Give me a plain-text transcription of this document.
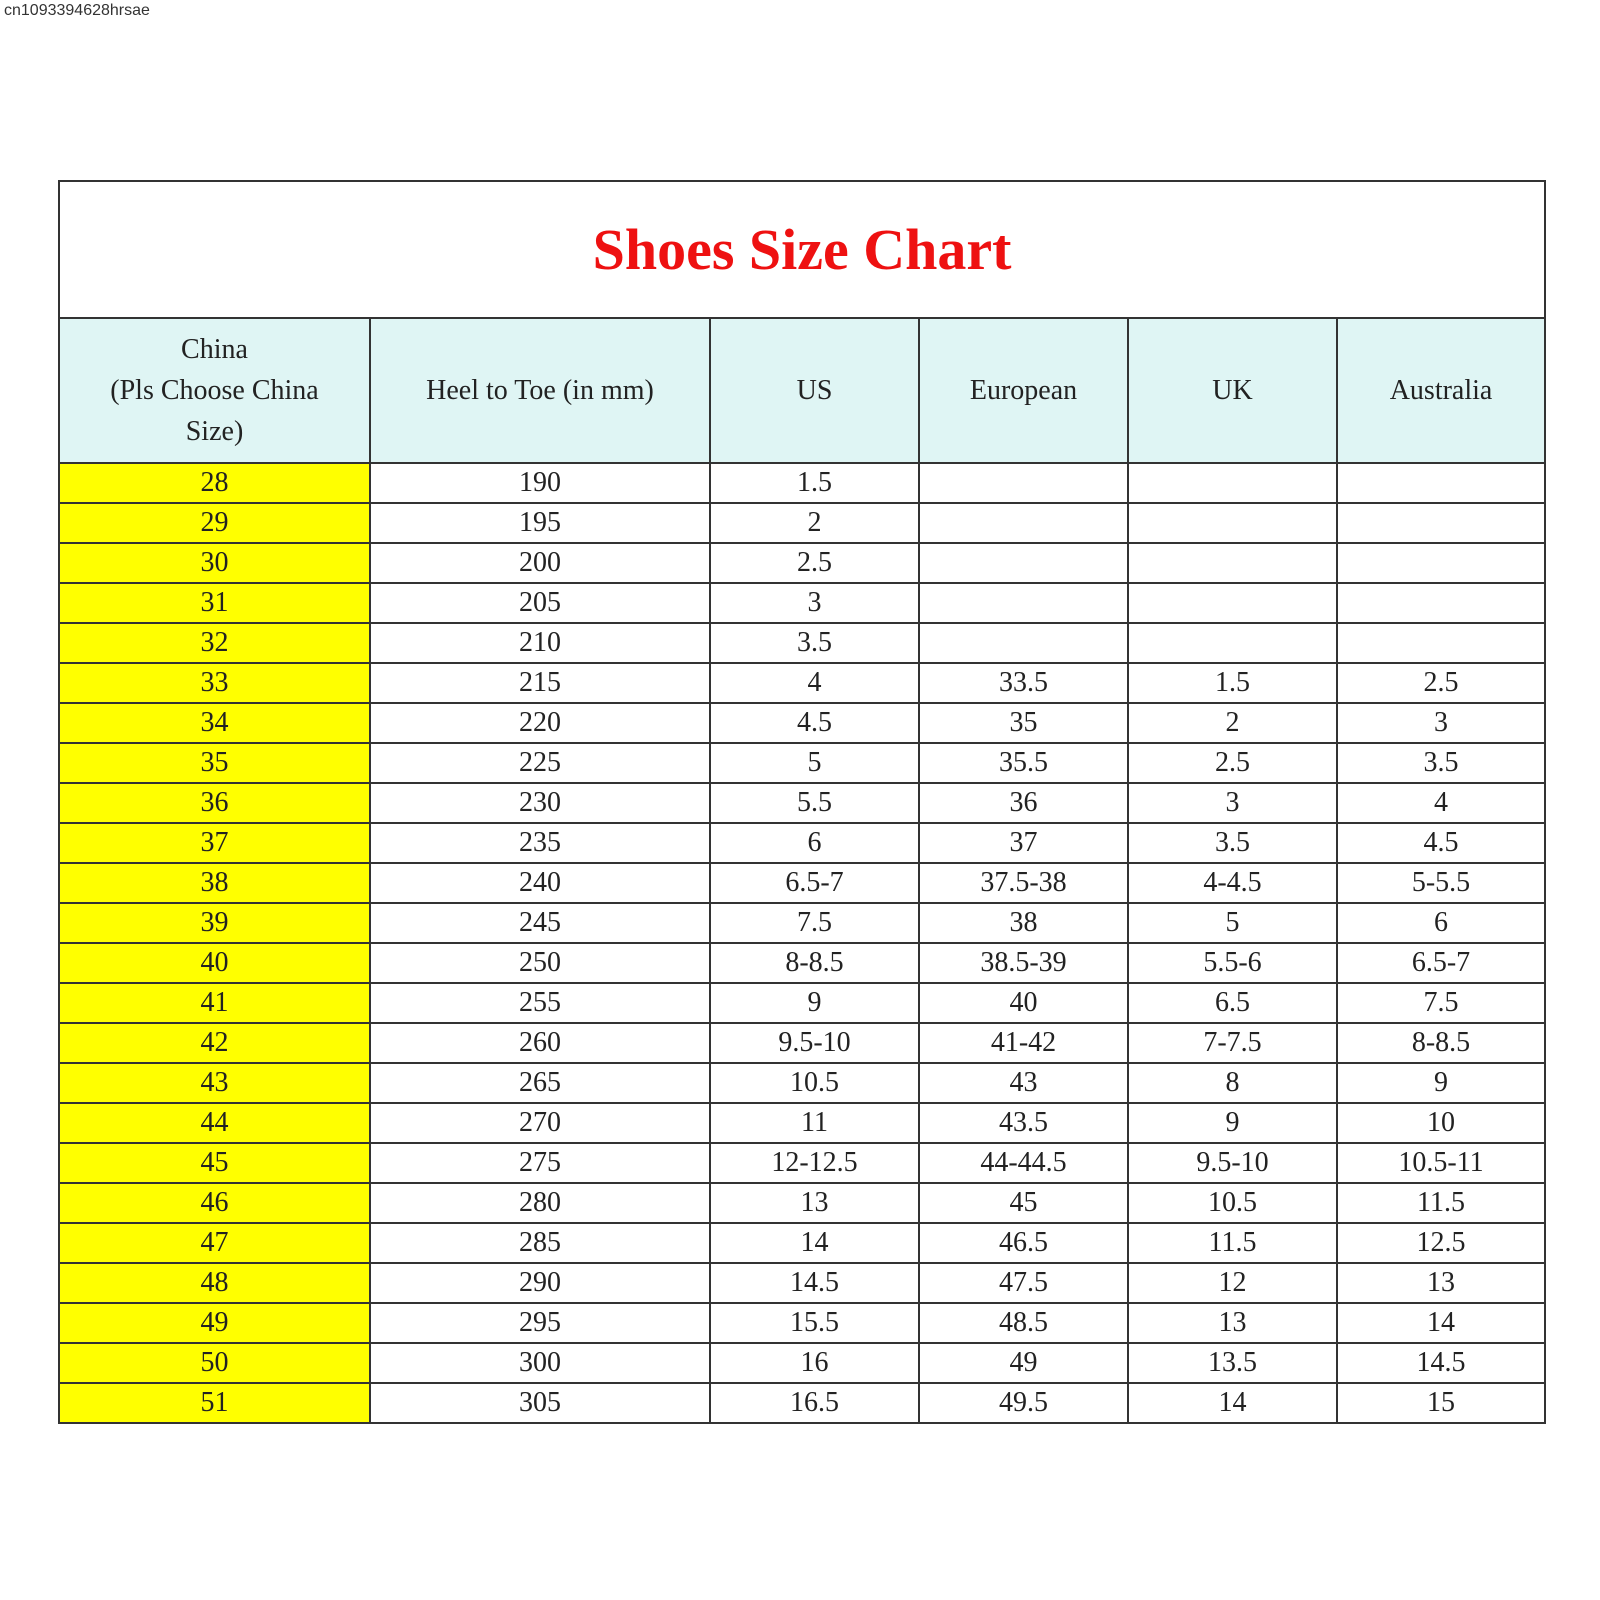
cn1093394628hrsae
Shoes Size Chart					
China
(Pls Choose China
Size)	Heel to Toe (in mm)	US	European	UK	Australia
28	190	1.5			
29	195	2			
30	200	2.5			
31	205	3			
32	210	3.5			
33	215	4	33.5	1.5	2.5
34	220	4.5	35	2	3
35	225	5	35.5	2.5	3.5
36	230	5.5	36	3	4
37	235	6	37	3.5	4.5
38	240	6.5-7	37.5-38	4-4.5	5-5.5
39	245	7.5	38	5	6
40	250	8-8.5	38.5-39	5.5-6	6.5-7
41	255	9	40	6.5	7.5
42	260	9.5-10	41-42	7-7.5	8-8.5
43	265	10.5	43	8	9
44	270	11	43.5	9	10
45	275	12-12.5	44-44.5	9.5-10	10.5-11
46	280	13	45	10.5	11.5
47	285	14	46.5	11.5	12.5
48	290	14.5	47.5	12	13
49	295	15.5	48.5	13	14
50	300	16	49	13.5	14.5
51	305	16.5	49.5	14	15
